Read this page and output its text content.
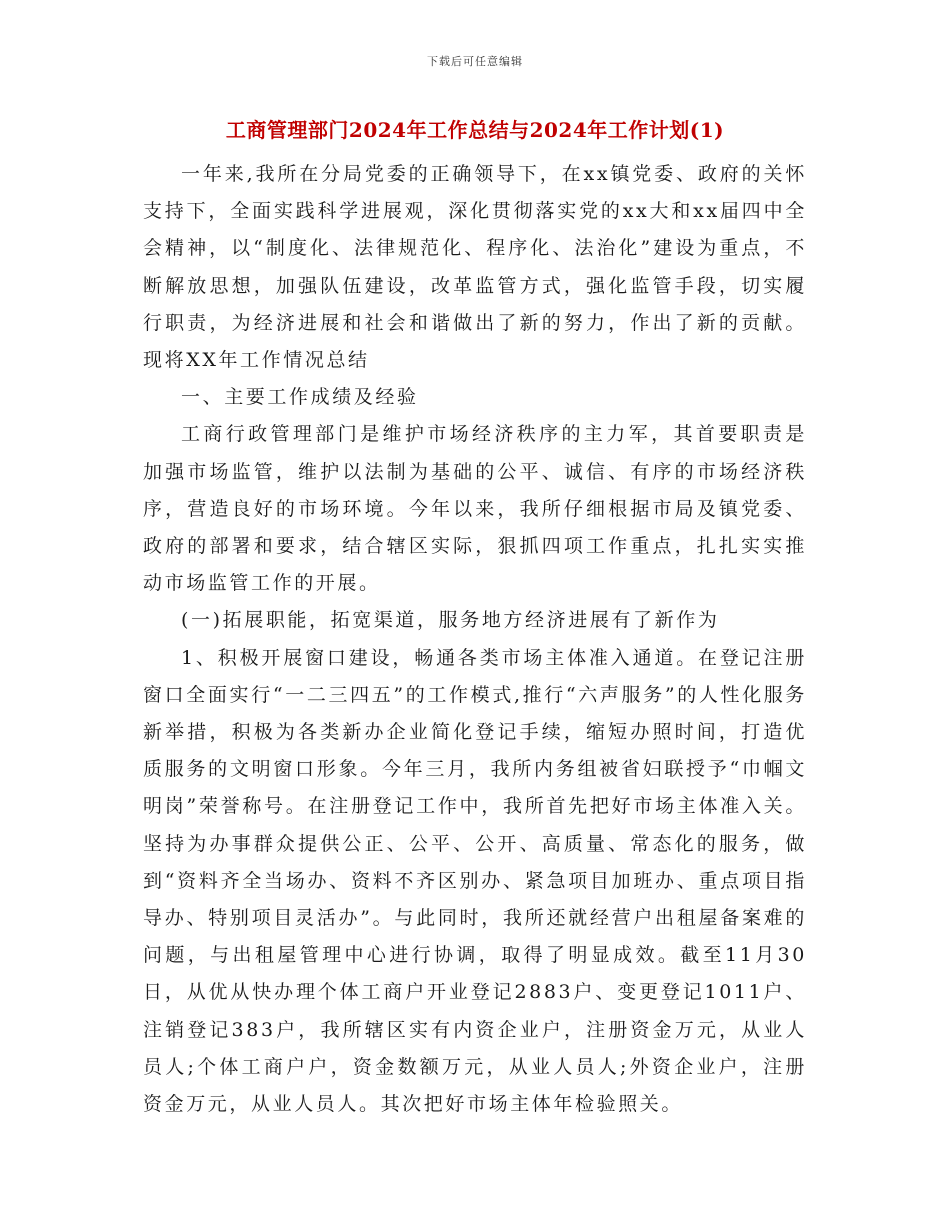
下载后可任意编辑
工商管理部门2024年工作总结与2024年工作计划(1)

一年来,我所在分局党委的正确领导下，在xx镇党委、政府的关怀支持下，全面实践科学进展观，深化贯彻落实党的xx大和xx届四中全会精神，以“制度化、法律规范化、程序化、法治化”建设为重点，不断解放思想，加强队伍建设，改革监管方式，强化监管手段，切实履行职责，为经济进展和社会和谐做出了新的努力，作出了新的贡献。现将XX年工作情况总结

一、主要工作成绩及经验

工商行政管理部门是维护市场经济秩序的主力军，其首要职责是加强市场监管，维护以法制为基础的公平、诚信、有序的市场经济秩序，营造良好的市场环境。今年以来，我所仔细根据市局及镇党委、政府的部署和要求，结合辖区实际，狠抓四项工作重点，扎扎实实推动市场监管工作的开展。

(一)拓展职能，拓宽渠道，服务地方经济进展有了新作为

1、积极开展窗口建设，畅通各类市场主体准入通道。在登记注册窗口全面实行“一二三四五”的工作模式,推行“六声服务”的人性化服务新举措，积极为各类新办企业简化登记手续，缩短办照时间，打造优质服务的文明窗口形象。今年三月，我所内务组被省妇联授予“巾帼文明岗”荣誉称号。在注册登记工作中，我所首先把好市场主体准入关。坚持为办事群众提供公正、公平、公开、高质量、常态化的服务，做到“资料齐全当场办、资料不齐区别办、紧急项目加班办、重点项目指导办、特别项目灵活办”。与此同时，我所还就经营户出租屋备案难的问题，与出租屋管理中心进行协调，取得了明显成效。截至11月30日，从优从快办理个体工商户开业登记2883户、变更登记1011户、注销登记383户，我所辖区实有内资企业户，注册资金万元，从业人员人;个体工商户户，资金数额万元，从业人员人;外资企业户，注册资金万元，从业人员人。其次把好市场主体年检验照关。
